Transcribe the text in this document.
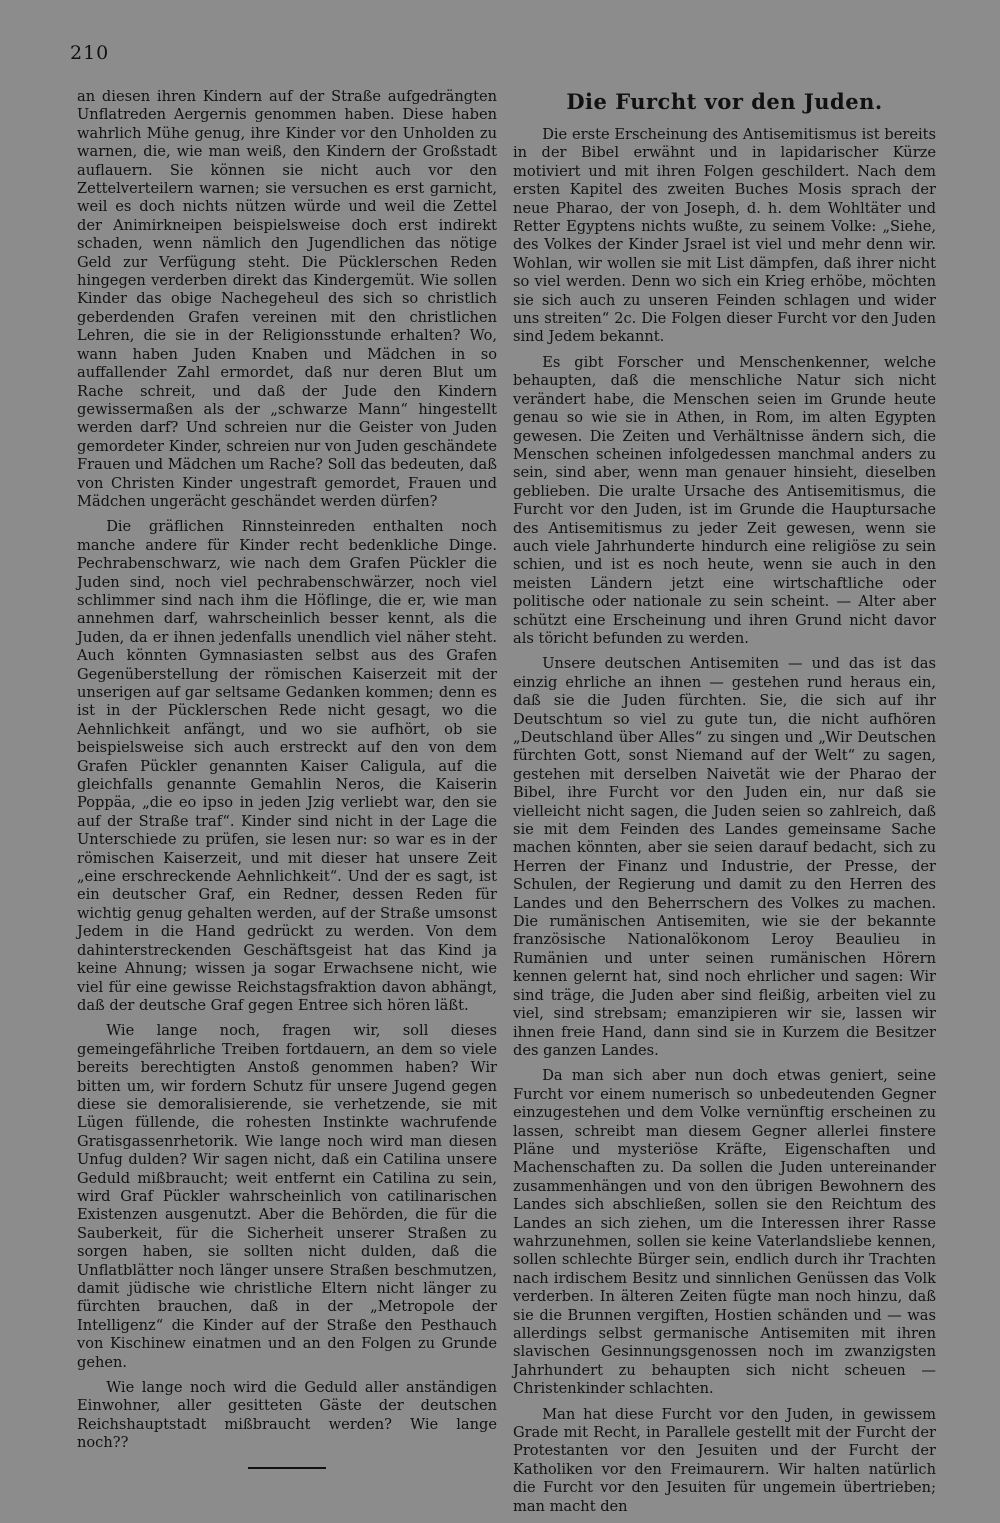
210

an diesen ihren Kindern auf der Straße aufgedrängten Unflatreden Aergernis genommen haben. Diese haben wahrlich Mühe genug, ihre Kinder vor den Unholden zu warnen, die, wie man weiß, den Kindern der Großstadt auflauern. Sie können sie nicht auch vor den Zettelverteilern warnen; sie versuchen es erst garnicht, weil es doch nichts nützen würde und weil die Zettel der Animirkneipen beispielsweise doch erst indirekt schaden, wenn nämlich den Jugendlichen das nötige Geld zur Verfügung steht. Die Pücklerschen Reden hingegen verderben direkt das Kindergemüt. Wie sollen Kinder das obige Nachegeheul des sich so christlich geberdenden Grafen vereinen mit den christlichen Lehren, die sie in der Religionsstunde erhalten? Wo, wann haben Juden Knaben und Mädchen in so auffallender Zahl ermordet, daß nur deren Blut um Rache schreit, und daß der Jude den Kindern gewissermaßen als der „schwarze Mann“ hingestellt werden darf? Und schreien nur die Geister von Juden gemordeter Kinder, schreien nur von Juden geschändete Frauen und Mädchen um Rache? Soll das bedeuten, daß von Christen Kinder ungestraft gemordet, Frauen und Mädchen ungerächt geschändet werden dürfen?

Die gräflichen Rinnsteinreden enthalten noch manche andere für Kinder recht bedenkliche Dinge. Pechrabenschwarz, wie nach dem Grafen Pückler die Juden sind, noch viel pechrabenschwärzer, noch viel schlimmer sind nach ihm die Höflinge, die er, wie man annehmen darf, wahrscheinlich besser kennt, als die Juden, da er ihnen jedenfalls unendlich viel näher steht. Auch könnten Gymnasiasten selbst aus des Grafen Gegenüberstellung der römischen Kaiserzeit mit der unserigen auf gar seltsame Gedanken kommen; denn es ist in der Pücklerschen Rede nicht gesagt, wo die Aehnlichkeit anfängt, und wo sie aufhört, ob sie beispielsweise sich auch erstreckt auf den von dem Grafen Pückler genannten Kaiser Caligula, auf die gleichfalls genannte Gemahlin Neros, die Kaiserin Poppäa, „die eo ipso in jeden Jzig verliebt war, den sie auf der Straße traf“. Kinder sind nicht in der Lage die Unterschiede zu prüfen, sie lesen nur: so war es in der römischen Kaiserzeit, und mit dieser hat unsere Zeit „eine erschreckende Aehnlichkeit“. Und der es sagt, ist ein deutscher Graf, ein Redner, dessen Reden für wichtig genug gehalten werden, auf der Straße umsonst Jedem in die Hand gedrückt zu werden. Von dem dahinterstreckenden Geschäftsgeist hat das Kind ja keine Ahnung; wissen ja sogar Erwachsene nicht, wie viel für eine gewisse Reichstagsfraktion davon abhängt, daß der deutsche Graf gegen Entree sich hören läßt.

Wie lange noch, fragen wir, soll dieses gemeingefährliche Treiben fortdauern, an dem so viele bereits berechtigten Anstoß genommen haben? Wir bitten um, wir fordern Schutz für unsere Jugend gegen diese sie demoralisierende, sie verhetzende, sie mit Lügen füllende, die rohesten Instinkte wachrufende Gratisgassenrhetorik. Wie lange noch wird man diesen Unfug dulden? Wir sagen nicht, daß ein Catilina unsere Geduld mißbraucht; weit entfernt ein Catilina zu sein, wird Graf Pückler wahrscheinlich von catilinarischen Existenzen ausgenutzt. Aber die Behörden, die für die Sauberkeit, für die Sicherheit unserer Straßen zu sorgen haben, sie sollten nicht dulden, daß die Unflatblätter noch länger unsere Straßen beschmutzen, damit jüdische wie christliche Eltern nicht länger zu fürchten brauchen, daß in der „Metropole der Intelligenz“ die Kinder auf der Straße den Pesthauch von Kischinew einatmen und an den Folgen zu Grunde gehen.

Wie lange noch wird die Geduld aller anständigen Einwohner, aller gesitteten Gäste der deutschen Reichshauptstadt mißbraucht werden? Wie lange noch??

Die Furcht vor den Juden.

Die erste Erscheinung des Antisemitismus ist bereits in der Bibel erwähnt und in lapidarischer Kürze motiviert und mit ihren Folgen geschildert. Nach dem ersten Kapitel des zweiten Buches Mosis sprach der neue Pharao, der von Joseph, d. h. dem Wohltäter und Retter Egyptens nichts wußte, zu seinem Volke: „Siehe, des Volkes der Kinder Jsrael ist viel und mehr denn wir. Wohlan, wir wollen sie mit List dämpfen, daß ihrer nicht so viel werden. Denn wo sich ein Krieg erhöbe, möchten sie sich auch zu unseren Feinden schlagen und wider uns streiten“ 2c. Die Folgen dieser Furcht vor den Juden sind Jedem bekannt.

Es gibt Forscher und Menschenkenner, welche behaupten, daß die menschliche Natur sich nicht verändert habe, die Menschen seien im Grunde heute genau so wie sie in Athen, in Rom, im alten Egypten gewesen. Die Zeiten und Verhältnisse ändern sich, die Menschen scheinen infolgedessen manchmal anders zu sein, sind aber, wenn man genauer hinsieht, dieselben geblieben. Die uralte Ursache des Antisemitismus, die Furcht vor den Juden, ist im Grunde die Hauptursache des Antisemitismus zu jeder Zeit gewesen, wenn sie auch viele Jahrhunderte hindurch eine religiöse zu sein schien, und ist es noch heute, wenn sie auch in den meisten Ländern jetzt eine wirtschaftliche oder politische oder nationale zu sein scheint. — Alter aber schützt eine Erscheinung und ihren Grund nicht davor als töricht befunden zu werden.

Unsere deutschen Antisemiten — und das ist das einzig ehrliche an ihnen — gestehen rund heraus ein, daß sie die Juden fürchten. Sie, die sich auf ihr Deutschtum so viel zu gute tun, die nicht aufhören „Deutschland über Alles“ zu singen und „Wir Deutschen fürchten Gott, sonst Niemand auf der Welt“ zu sagen, gestehen mit derselben Naivetät wie der Pharao der Bibel, ihre Furcht vor den Juden ein, nur daß sie vielleicht nicht sagen, die Juden seien so zahlreich, daß sie mit dem Feinden des Landes gemeinsame Sache machen könnten, aber sie seien darauf bedacht, sich zu Herren der Finanz und Industrie, der Presse, der Schulen, der Regierung und damit zu den Herren des Landes und den Beherrschern des Volkes zu machen. Die rumänischen Antisemiten, wie sie der bekannte französische Nationalökonom Leroy Beaulieu in Rumänien und unter seinen rumänischen Hörern kennen gelernt hat, sind noch ehrlicher und sagen: Wir sind träge, die Juden aber sind fleißig, arbeiten viel zu viel, sind strebsam; emanzipieren wir sie, lassen wir ihnen freie Hand, dann sind sie in Kurzem die Besitzer des ganzen Landes.

Da man sich aber nun doch etwas geniert, seine Furcht vor einem numerisch so unbedeutenden Gegner einzugestehen und dem Volke vernünftig erscheinen zu lassen, schreibt man diesem Gegner allerlei finstere Pläne und mysteriöse Kräfte, Eigenschaften und Machenschaften zu. Da sollen die Juden untereinander zusammenhängen und von den übrigen Bewohnern des Landes sich abschließen, sollen sie den Reichtum des Landes an sich ziehen, um die Interessen ihrer Rasse wahrzunehmen, sollen sie keine Vaterlandsliebe kennen, sollen schlechte Bürger sein, endlich durch ihr Trachten nach irdischem Besitz und sinnlichen Genüssen das Volk verderben. In älteren Zeiten fügte man noch hinzu, daß sie die Brunnen vergiften, Hostien schänden und — was allerdings selbst germanische Antisemiten mit ihren slavischen Gesinnungsgenossen noch im zwanzigsten Jahrhundert zu behaupten sich nicht scheuen — Christenkinder schlachten.

Man hat diese Furcht vor den Juden, in gewissem Grade mit Recht, in Parallele gestellt mit der Furcht der Protestanten vor den Jesuiten und der Furcht der Katholiken vor den Freimaurern. Wir halten natürlich die Furcht vor den Jesuiten für ungemein übertrieben; man macht den
